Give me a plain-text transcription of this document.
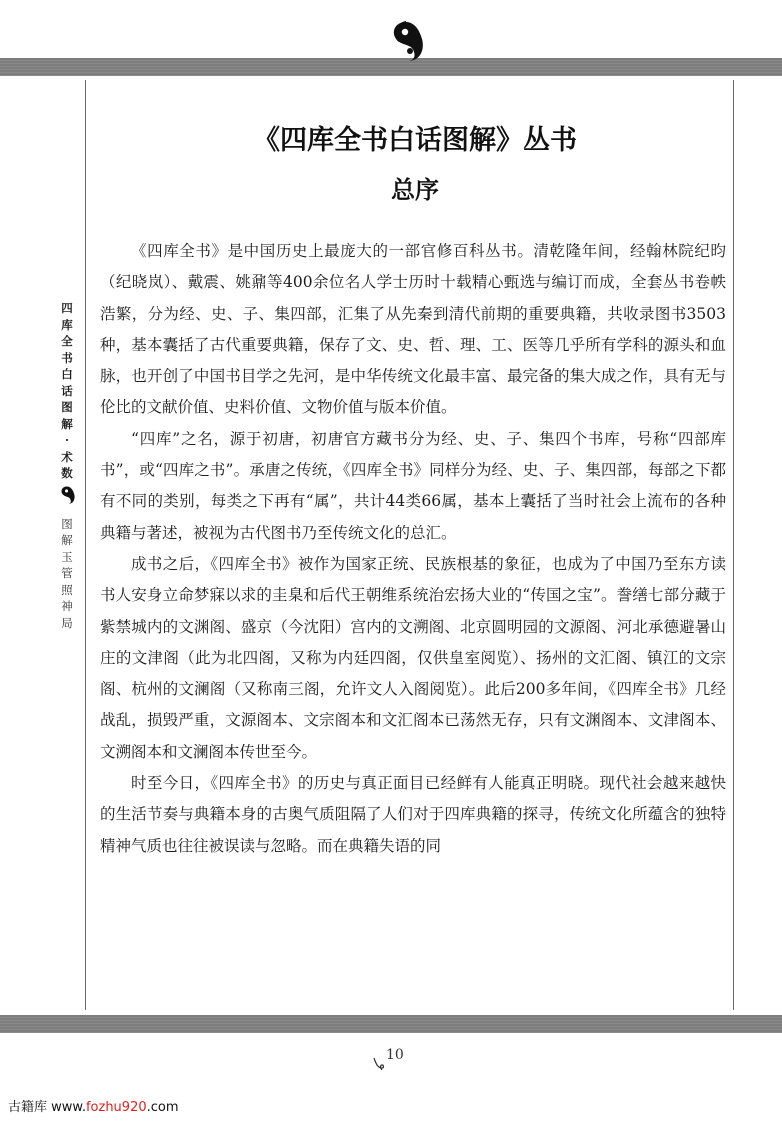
《四库全书白话图解》丛书
总序

《四库全书》是中国历史上最庞大的一部官修百科丛书。清乾隆年间，经翰林院纪昀（纪晓岚）、戴震、姚鼐等400余位名人学士历时十载精心甄选与编订而成，全套丛书卷帙浩繁，分为经、史、子、集四部，汇集了从先秦到清代前期的重要典籍，共收录图书3503种，基本囊括了古代重要典籍，保存了文、史、哲、理、工、医等几乎所有学科的源头和血脉，也开创了中国书目学之先河，是中华传统文化最丰富、最完备的集大成之作，具有无与伦比的文献价值、史料价值、文物价值与版本价值。

“四库”之名，源于初唐，初唐官方藏书分为经、史、子、集四个书库，号称“四部库书”，或“四库之书”。承唐之传统，《四库全书》同样分为经、史、子、集四部，每部之下都有不同的类别，每类之下再有“属”，共计44类66属，基本上囊括了当时社会上流布的各种典籍与著述，被视为古代图书乃至传统文化的总汇。

成书之后，《四库全书》被作为国家正统、民族根基的象征，也成为了中国乃至东方读书人安身立命梦寐以求的圭臬和后代王朝维系统治宏扬大业的“传国之宝”。誊缮七部分藏于紫禁城内的文渊阁、盛京（今沈阳）宫内的文溯阁、北京圆明园的文源阁、河北承德避暑山庄的文津阁（此为北四阁，又称为内廷四阁，仅供皇室阅览）、扬州的文汇阁、镇江的文宗阁、杭州的文澜阁（又称南三阁，允许文人入阁阅览）。此后200多年间，《四库全书》几经战乱，损毁严重，文源阁本、文宗阁本和文汇阁本已荡然无存，只有文渊阁本、文津阁本、文溯阁本和文澜阁本传世至今。

时至今日，《四库全书》的历史与真正面目已经鲜有人能真正明晓。现代社会越来越快的生活节奏与典籍本身的古奥气质阻隔了人们对于四库典籍的探寻，传统文化所蕴含的独特精神气质也往往被误读与忽略。而在典籍失语的同

四
库
全
书
白
话
图
解
·
术
数
图
解
玉
管
照
神
局
10
古籍库 www.fozhu920.com
